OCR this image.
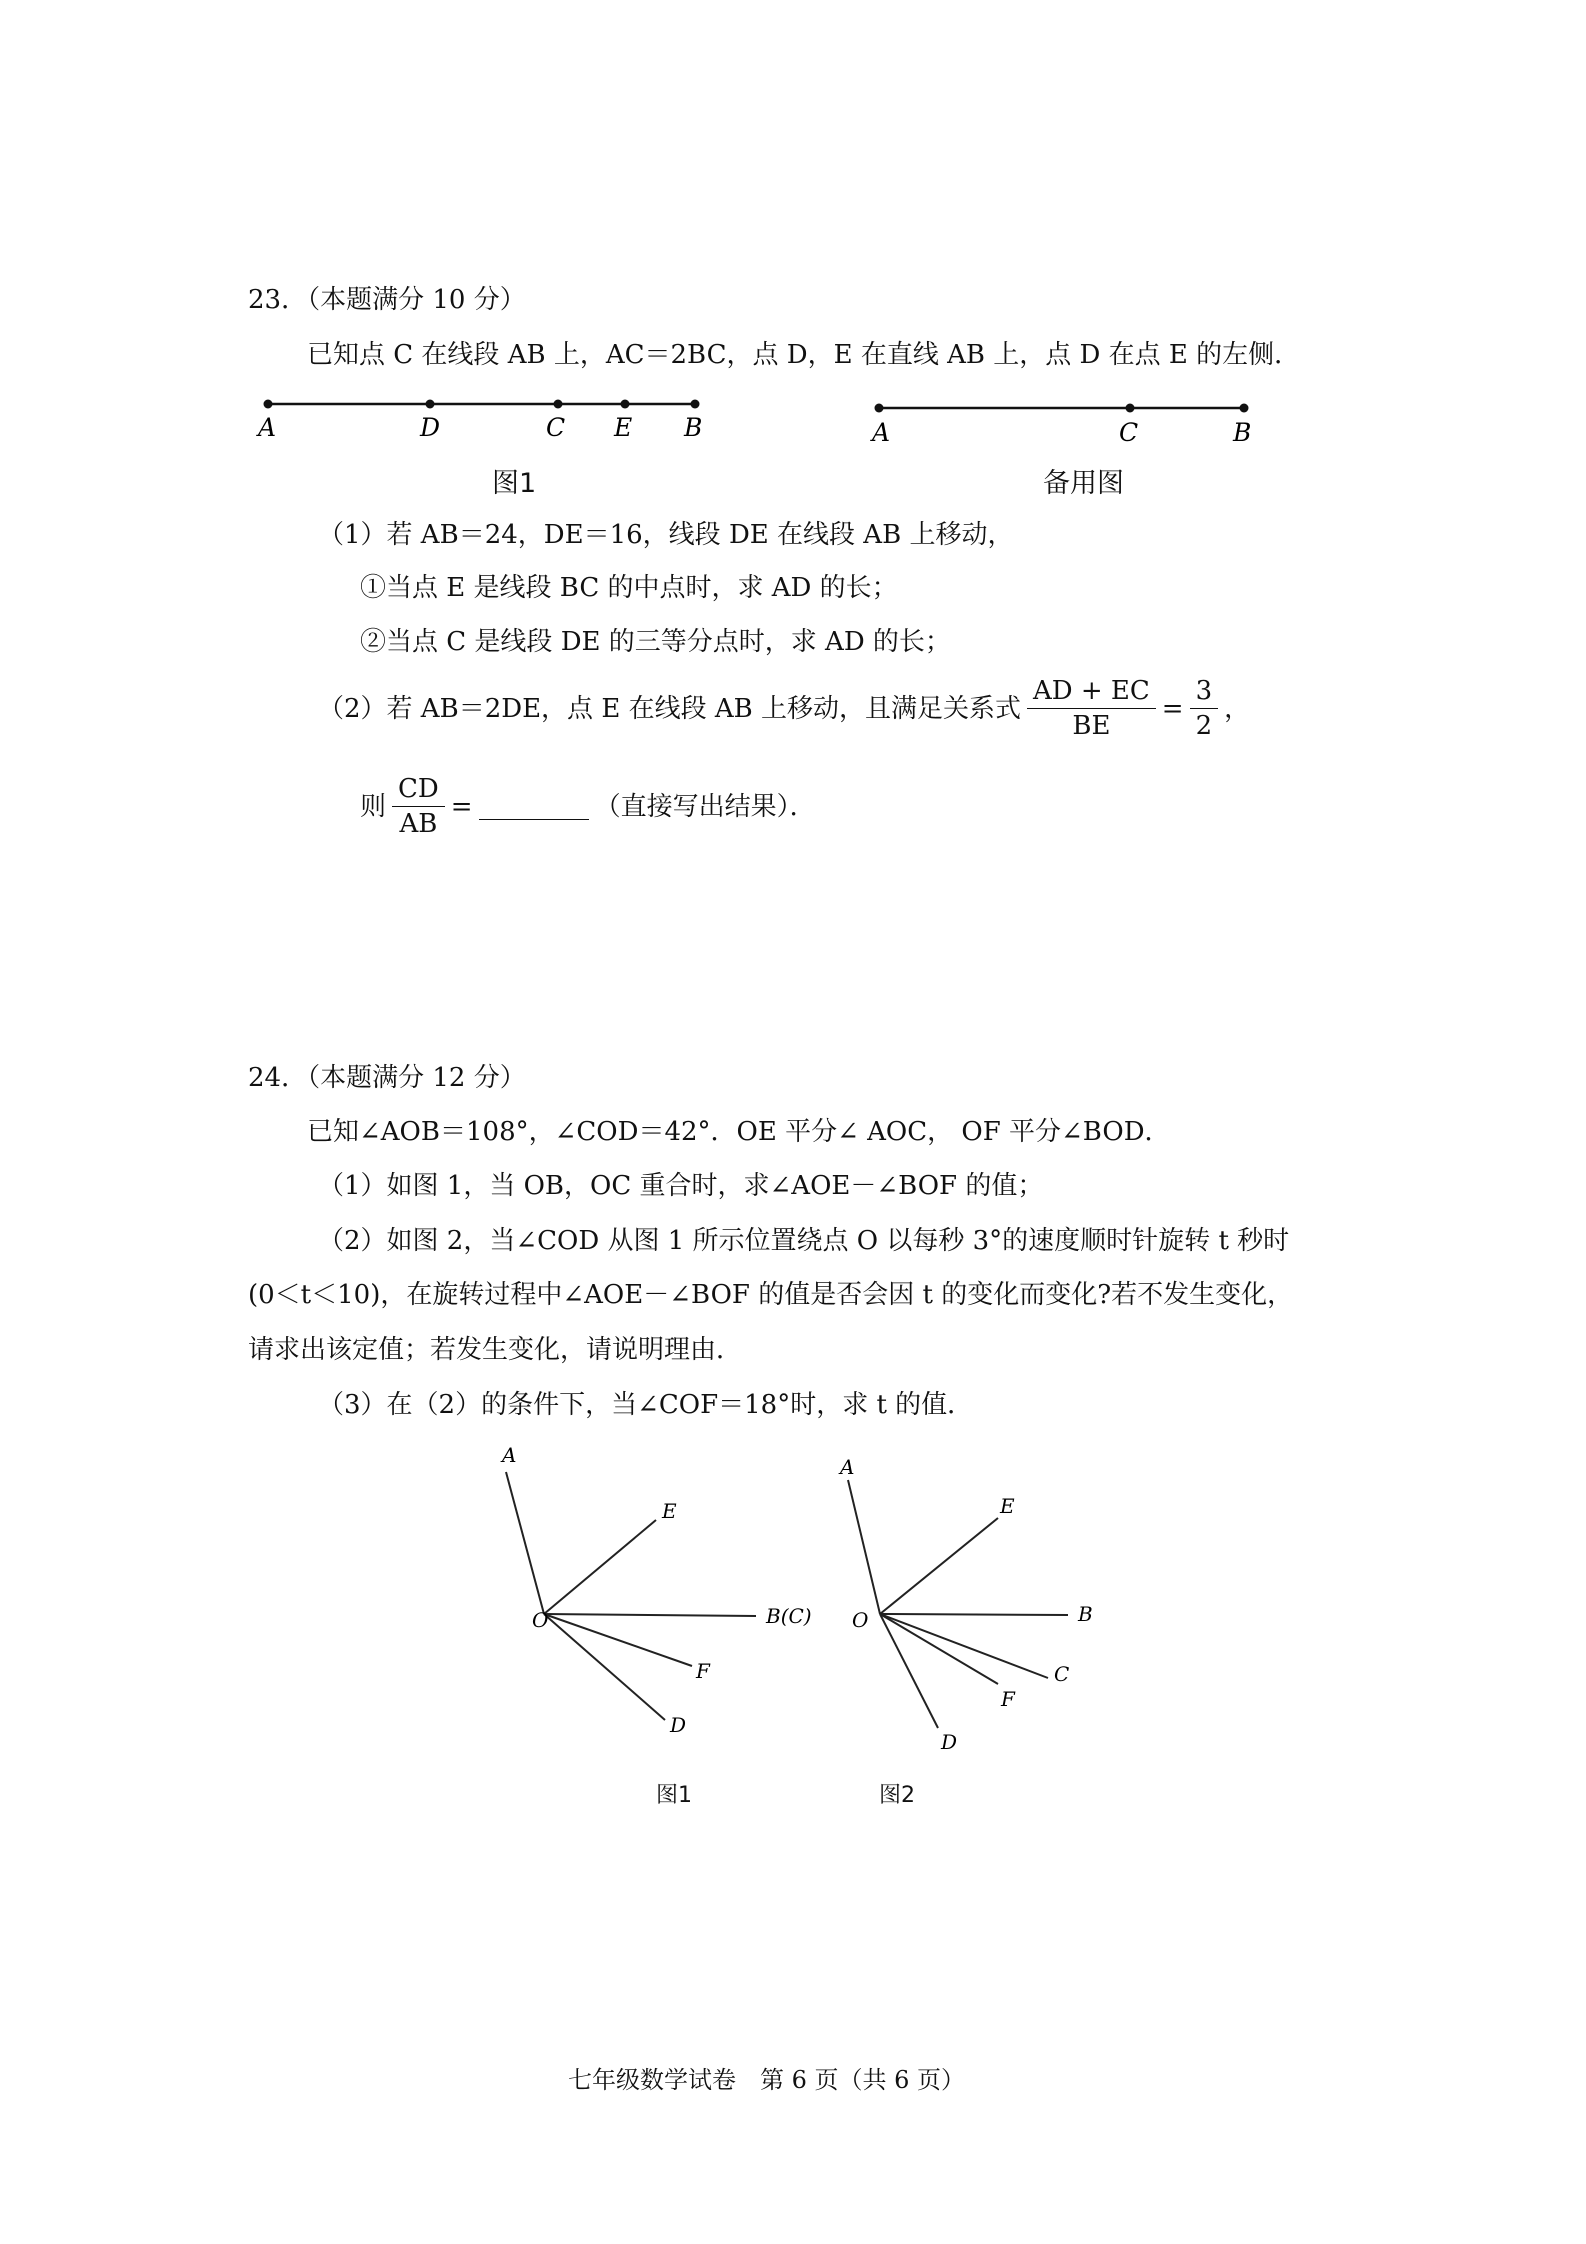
23．（本题满分 10 分）
已知点 C 在线段 AB 上，AC＝2BC，点 D，E 在直线 AB 上，点 D 在点 E 的左侧．
A	D	C E B
图1
A	C	B
备用图
（1）若 AB＝24，DE＝16，线段 DE 在线段 AB 上移动，
①当点 E 是线段 BC 的中点时，求 AD 的长；
②当点 C 是线段 DE 的三等分点时，求 AD 的长；
（2）若 AB＝2DE，点 E 在线段 AB 上移动，且满足关系式 $\frac{AD + EC}{BE} = \frac{3}{2}$ ，
则 $\frac{CD}{AB}$ =	（直接写出结果）．
24．（本题满分 12 分）
已知∠AOB＝108°，∠COD＝42°．OE 平分∠ AOC， OF 平分∠BOD．
（1）如图 1，当 OB，OC 重合时，求∠AOE－∠BOF 的值；
（2）如图 2，当∠COD 从图 1 所示位置绕点 O 以每秒 3°的速度顺时针旋转 t 秒时
(0＜t＜10)，在旋转过程中∠AOE－∠BOF 的值是否会因 t 的变化而变化?若不发生变化，
请求出该定值；若发生变化，请说明理由．
（3）在（2）的条件下，当∠COF＝18°时，求 t 的值．
A
E
O	B(C)
F
D
图1
A
E
O	B
C
F
D
图2
七年级数学试卷　第 6 页（共 6 页）
